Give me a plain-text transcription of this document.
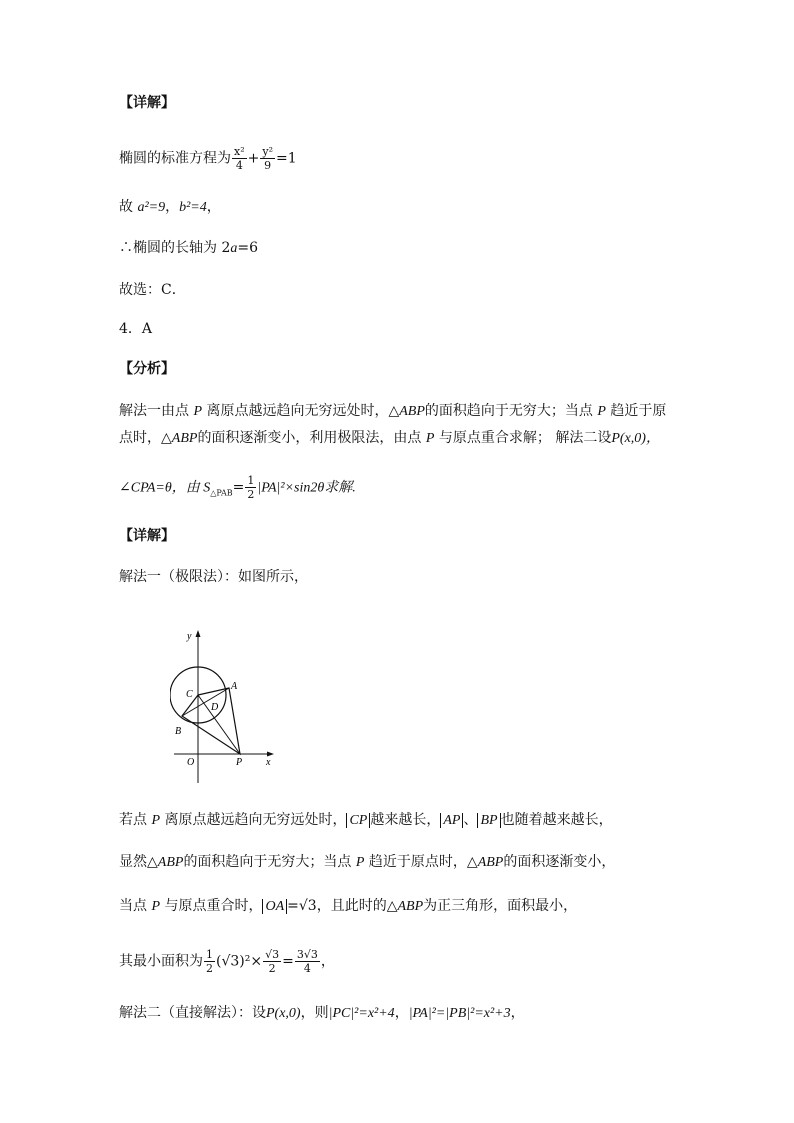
【详解】
椭圆的标准方程为 $\frac{\text{x²}}{4} + \frac{\text{y²}}{9} =1$
故 a²=9，b²=4，
∴椭圆的长轴为 2a=6
故选：C．
4．A
【分析】
解法一由点 P 离原点越远趋向无穷远处时，△ABP的面积趋向于无穷大；当点 P 趋近于原
点时，△ABP的面积逐渐变小，利用极限法，由点 P 与原点重合求解； 解法二设P(x,0)，
∠CPA=θ，由 $S_{\triangle PAB}= \frac{1}{2} |PA|^2\times\sin 2\theta$求解.
【详解】
解法一（极限法）：如图所示，
y
C
A
D
B
O	P x
若点 P 离原点越远趋向无穷远处时， CP 越来越长， AP 、 BP 也随着越来越长，
显然△ABP的面积趋向于无穷大；当点 P 趋近于原点时，△ABP的面积逐渐变小，
当点 P 与原点重合时， OA =√3，且此时的△ABP为正三角形，面积最小，
其最小面积为 $\frac{1}{2} (√3)^2\times \frac{√3}{2} = \frac{3√3}{4}$ ，
解法二（直接解法）：设P(x,0)，则|PC|²=x²+4，|PA|²=|PB|²=x²+3，
